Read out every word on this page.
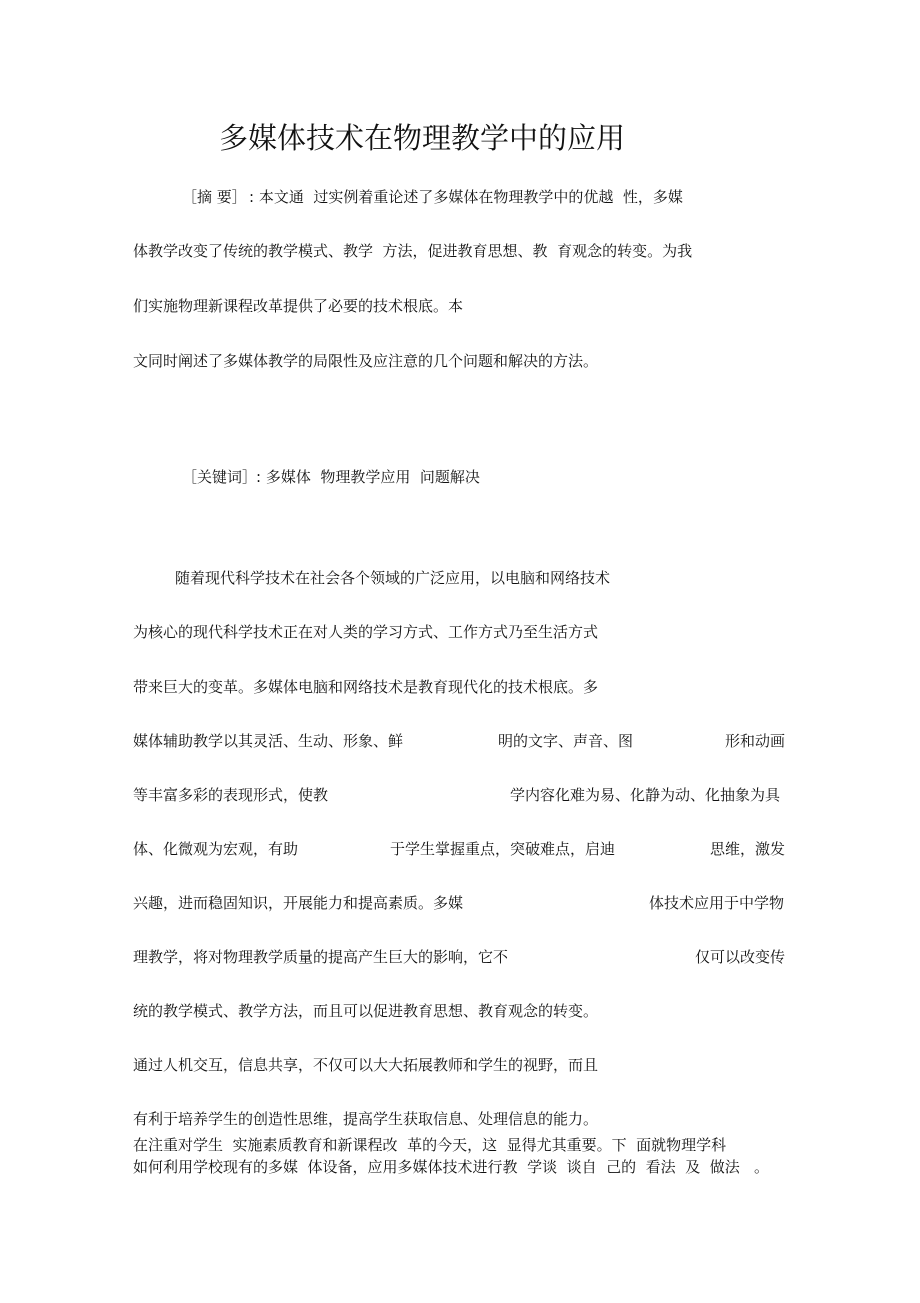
多媒体技术在物理教学中的应用
［摘 要］ : 本文通  过实例着重论述了多媒体在物理教学中的优越  性，多媒
体教学改变了传统的教学模式、教学  方法，促进教育思想、教  育观念的转变。为我
们实施物理新课程改革提供了必要的技术根底。本
文同时阐述了多媒体教学的局限性及应注意的几个问题和解决的方法。
［关键词］
: 多媒体  物理教学应用  问题解决
随着现代科学技术在社会各个领域的广泛应用，以电脑和网络技术
为核心的现代科学技术正在对人类的学习方式、工作方式乃至生活方式
带来巨大的变革。多媒体电脑和网络技术是教育现代化的技术根底。多
媒体辅助教学以其灵活、生动、形象、鲜	明的文字、声音、图	形和动画
等丰富多彩的表现形式，使教	学内容化难为易、化静为动、化抽象为具
体、化微观为宏观，有助	于学生掌握重点，突破难点，启迪	思维，激发
兴趣，进而稳固知识，开展能力和提高素质。多媒	体技术应用于中学物
理教学，将对物理教学质量的提高产生巨大的影响，它不	仅可以改变传
统的教学模式、教学方法，而且可以促进教育思想、教育观念的转变。
通过人机交互，信息共享，不仅可以大大拓展教师和学生的视野，而且
有利于培养学生的创造性思维，提高学生获取信息、处理信息的能力。
在注重对学生  实施素质教育和新课程改  革的今天，这  显得尤其重要。下  面就物理学科
如何利用学校现有的多媒  体设备，应用多媒体技术进行教  学谈  谈自  己的  看法  及  做法   。
